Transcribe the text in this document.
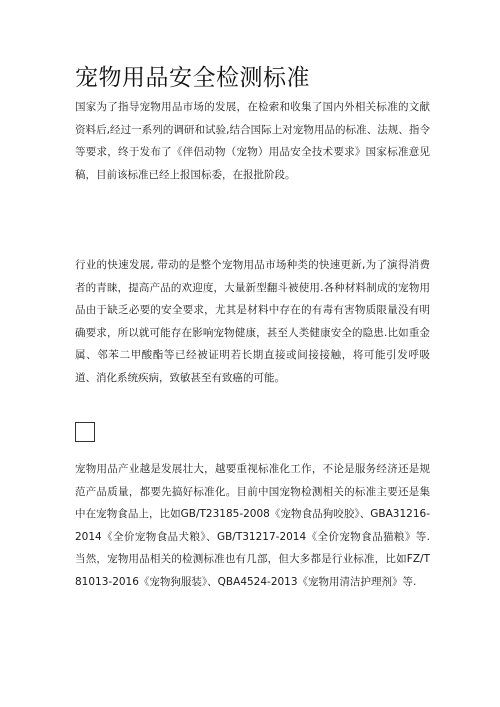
宠物用品安全检测标准

国家为了指导宠物用品市场的发展，在检索和收集了国内外相关标准的文献资料后,经过一系列的调研和试验,结合国际上对宠物用品的标准、法规、指令等要求，终于发布了《伴侣动物（宠物）用品安全技术要求》国家标准意见稿，目前该标准已经上报国标委，在报批阶段。

行业的快速发展, 带动的是整个宠物用品市场种类的快速更新,为了演得消费者的青睐，提高产品的欢迎度，大量新型翻斗被使用.各种材料制成的宠物用品由于缺乏必要的安全要求，尤其是材料中存在的有毒有害物质限量没有明确要求，所以就可能存在影响宠物健康，甚至人类健康安全的隐患.比如重金属、邻苯二甲酸酯等已经被证明若长期直接或间接接触，将可能引发呼吸道、消化系统疾病，致敏甚至有致癌的可能。

宠物用品产业越是发展壮大，越要重视标准化工作，不论是服务经济还是规范产品质量，都要先搞好标准化。目前中国宠物检测相关的标准主要还是集中在宠物食品上，比如GB/T23185-2008《宠物食品狗咬胶》、GBA31216-2014《全价宠物食品犬粮》、GB/T31217-2014《全价宠物食品猫粮》等.当然，宠物用品相关的检测标准也有几部，但大多都是行业标准，比如FZ/T81013-2016《宠物狗服装》、QBA4524-2013《宠物用清洁护理剂》等.
